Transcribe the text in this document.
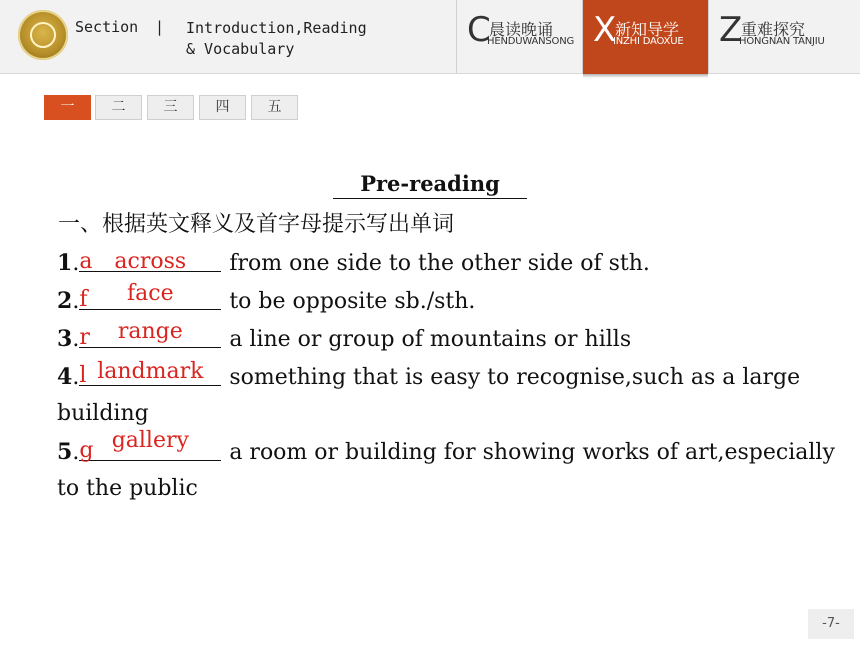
Section | Introduction,Reading
& Vocabulary	C
晨读晚诵
HENDUWANSONG X
新知导学
INZHI DAOXUE Z
重难探究
HONGNAN TANJIU
一	二	三	四	五
Pre-reading
一、根据英文释义及首字母提示写出单词
1. a across	from one side to the other side of sth.
2. f	face	to be opposite sb./sth.
3. r	range	a line or group of mountains or hills
4. l landmark	something that is easy to recognise,such as a large
building
5. g gallery	a room or building for showing works of art,especially
to the public
-7-
